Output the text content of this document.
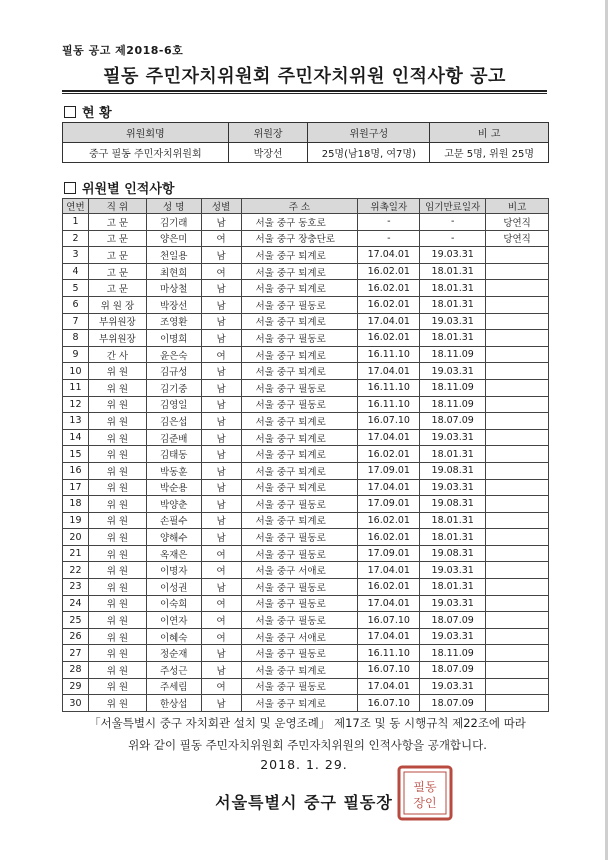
필동 공고 제2018-6호
필동 주민자치위원회 주민자치위원 인적사항 공고
현 황
위원회명	위원장	위원구성	비 고
중구 필동 주민자치위원회	박장선	25명(남18명, 여7명)	고문 5명, 위원 25명
위원별 인적사항
연번	직 위	성 명	성별	주 소	위촉일자	임기만료일자	비고
1	고 문	김기래	남	서울 중구 동호로	-	-	당연직
2	고 문	양은미	여	서울 중구 장충단로	-	-	당연직
3	고 문	천일용	남	서울 중구 퇴계로	17.04.01	19.03.31	
4	고 문	최현희	여	서울 중구 퇴계로	16.02.01	18.01.31	
5	고 문	마상철	남	서울 중구 퇴계로	16.02.01	18.01.31	
6	위 원 장	박장선	남	서울 중구 필동로	16.02.01	18.01.31	
7	부위원장	조영환	남	서울 중구 퇴계로	17.04.01	19.03.31	
8	부위원장	이명희	남	서울 중구 필동로	16.02.01	18.01.31	
9	간 사	윤은숙	여	서울 중구 퇴계로	16.11.10	18.11.09	
10	위 원	김규성	남	서울 중구 퇴계로	17.04.01	19.03.31	
11	위 원	김기중	남	서울 중구 필동로	16.11.10	18.11.09	
12	위 원	김영일	남	서울 중구 필동로	16.11.10	18.11.09	
13	위 원	김은섭	남	서울 중구 퇴계로	16.07.10	18.07.09	
14	위 원	김준배	남	서울 중구 퇴계로	17.04.01	19.03.31	
15	위 원	김태동	남	서울 중구 퇴계로	16.02.01	18.01.31	
16	위 원	박동훈	남	서울 중구 퇴계로	17.09.01	19.08.31	
17	위 원	박순용	남	서울 중구 퇴계로	17.04.01	19.03.31	
18	위 원	박양춘	남	서울 중구 필동로	17.09.01	19.08.31	
19	위 원	손필수	남	서울 중구 퇴계로	16.02.01	18.01.31	
20	위 원	양해수	남	서울 중구 필동로	16.02.01	18.01.31	
21	위 원	옥재은	여	서울 중구 필동로	17.09.01	19.08.31	
22	위 원	이명자	여	서울 중구 서애로	17.04.01	19.03.31	
23	위 원	이성권	남	서울 중구 필동로	16.02.01	18.01.31	
24	위 원	이숙희	여	서울 중구 필동로	17.04.01	19.03.31	
25	위 원	이연자	여	서울 중구 필동로	16.07.10	18.07.09	
26	위 원	이혜숙	여	서울 중구 서애로	17.04.01	19.03.31	
27	위 원	정순재	남	서울 중구 필동로	16.11.10	18.11.09	
28	위 원	주성근	남	서울 중구 퇴계로	16.07.10	18.07.09	
29	위 원	주세림	여	서울 중구 필동로	17.04.01	19.03.31	
30	위 원	한상섭	남	서울 중구 퇴계로	16.07.10	18.07.09	
「서울특별시 중구 자치회관 설치 및 운영조례」 제17조 및 동 시행규칙 제22조에 따라
위와 같이 필동 주민자치위원회 주민자치위원의 인적사항을 공개합니다.
2018. 1. 29.
서울특별시 중구 필동장
필동
장인
